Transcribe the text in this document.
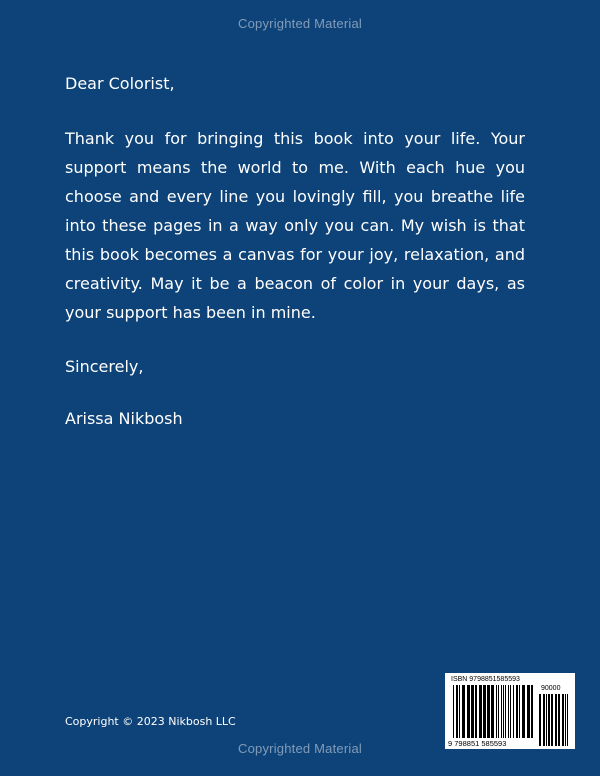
Copyrighted Material

Dear Colorist,

Thank you for bringing this book into your life. Your support means the world to me. With each hue you choose and every line you lovingly fill, you breathe life into these pages in a way only you can. My wish is that this book becomes a canvas for your joy, relaxation, and creativity. May it be a beacon of color in your days, as your support has been in mine.

Sincerely,

Arissa Nikbosh

Copyright © 2023 Nikbosh LLC
ISBN 9798851585593
90000
9 798851 585593
Copyrighted Material
